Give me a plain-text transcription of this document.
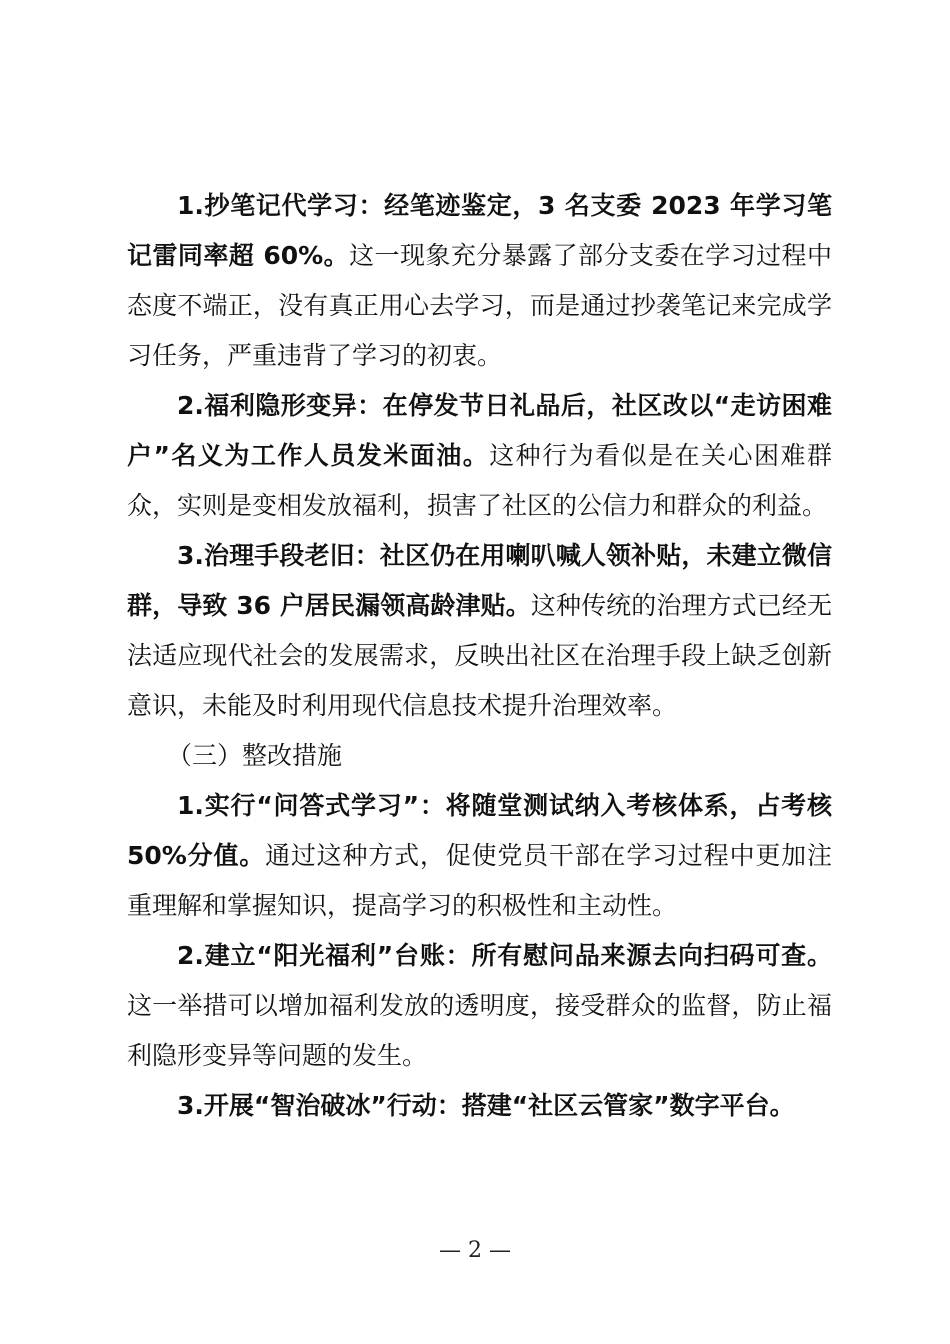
1.抄笔记代学习：经笔迹鉴定，3 名支委 2023 年学习笔记雷同率超 60%。这一现象充分暴露了部分支委在学习过程中态度不端正，没有真正用心去学习，而是通过抄袭笔记来完成学习任务，严重违背了学习的初衷。

2.福利隐形变异：在停发节日礼品后，社区改以“走访困难户”名义为工作人员发米面油。这种行为看似是在关心困难群众，实则是变相发放福利，损害了社区的公信力和群众的利益。

3.治理手段老旧：社区仍在用喇叭喊人领补贴，未建立微信群，导致 36 户居民漏领高龄津贴。这种传统的治理方式已经无法适应现代社会的发展需求，反映出社区在治理手段上缺乏创新意识，未能及时利用现代信息技术提升治理效率。

（三）整改措施

1.实行“问答式学习”：将随堂测试纳入考核体系，占考核 50%分值。通过这种方式，促使党员干部在学习过程中更加注重理解和掌握知识，提高学习的积极性和主动性。

2.建立“阳光福利”台账：所有慰问品来源去向扫码可查。这一举措可以增加福利发放的透明度，接受群众的监督，防止福利隐形变异等问题的发生。

3.开展“智治破冰”行动：搭建“社区云管家”数字平台。

— 2 —
